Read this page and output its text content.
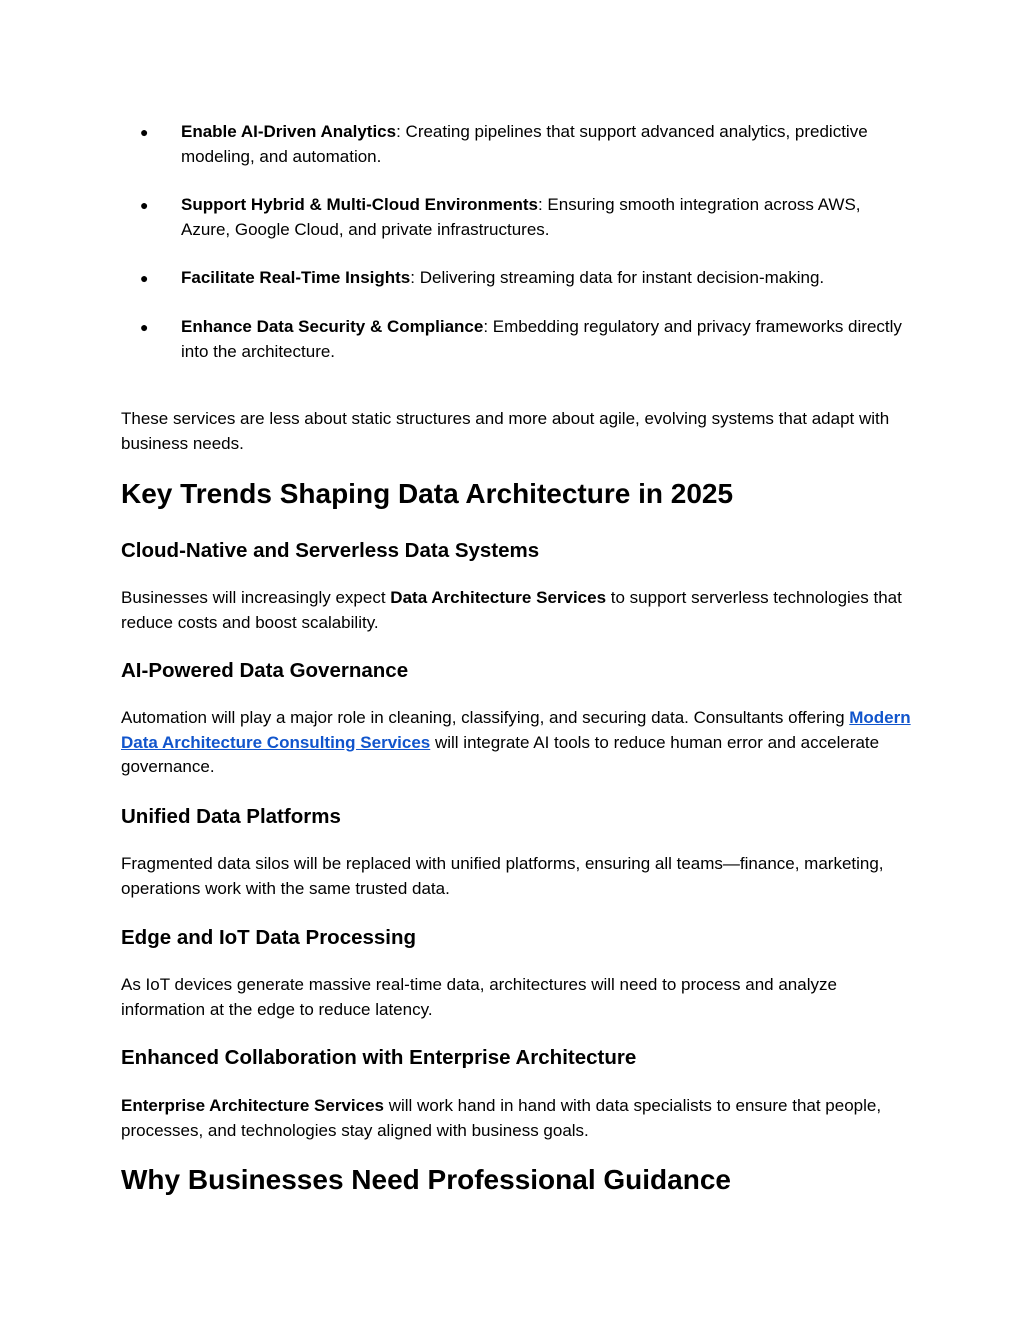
● Enable AI-Driven Analytics: Creating pipelines that support advanced analytics, predictive modeling, and automation.
● Support Hybrid & Multi-Cloud Environments: Ensuring smooth integration across AWS, Azure, Google Cloud, and private infrastructures.
● Facilitate Real-Time Insights: Delivering streaming data for instant decision-making.
● Enhance Data Security & Compliance: Embedding regulatory and privacy frameworks directly into the architecture.

These services are less about static structures and more about agile, evolving systems that adapt with business needs.

Key Trends Shaping Data Architecture in 2025
Cloud-Native and Serverless Data Systems

Businesses will increasingly expect Data Architecture Services to support serverless technologies that reduce costs and boost scalability.

AI-Powered Data Governance

Automation will play a major role in cleaning, classifying, and securing data. Consultants offering Modern Data Architecture Consulting Services will integrate AI tools to reduce human error and accelerate governance.

Unified Data Platforms

Fragmented data silos will be replaced with unified platforms, ensuring all teams—finance, marketing, operations work with the same trusted data.

Edge and IoT Data Processing

As IoT devices generate massive real-time data, architectures will need to process and analyze information at the edge to reduce latency.

Enhanced Collaboration with Enterprise Architecture

Enterprise Architecture Services will work hand in hand with data specialists to ensure that people, processes, and technologies stay aligned with business goals.

Why Businesses Need Professional Guidance
